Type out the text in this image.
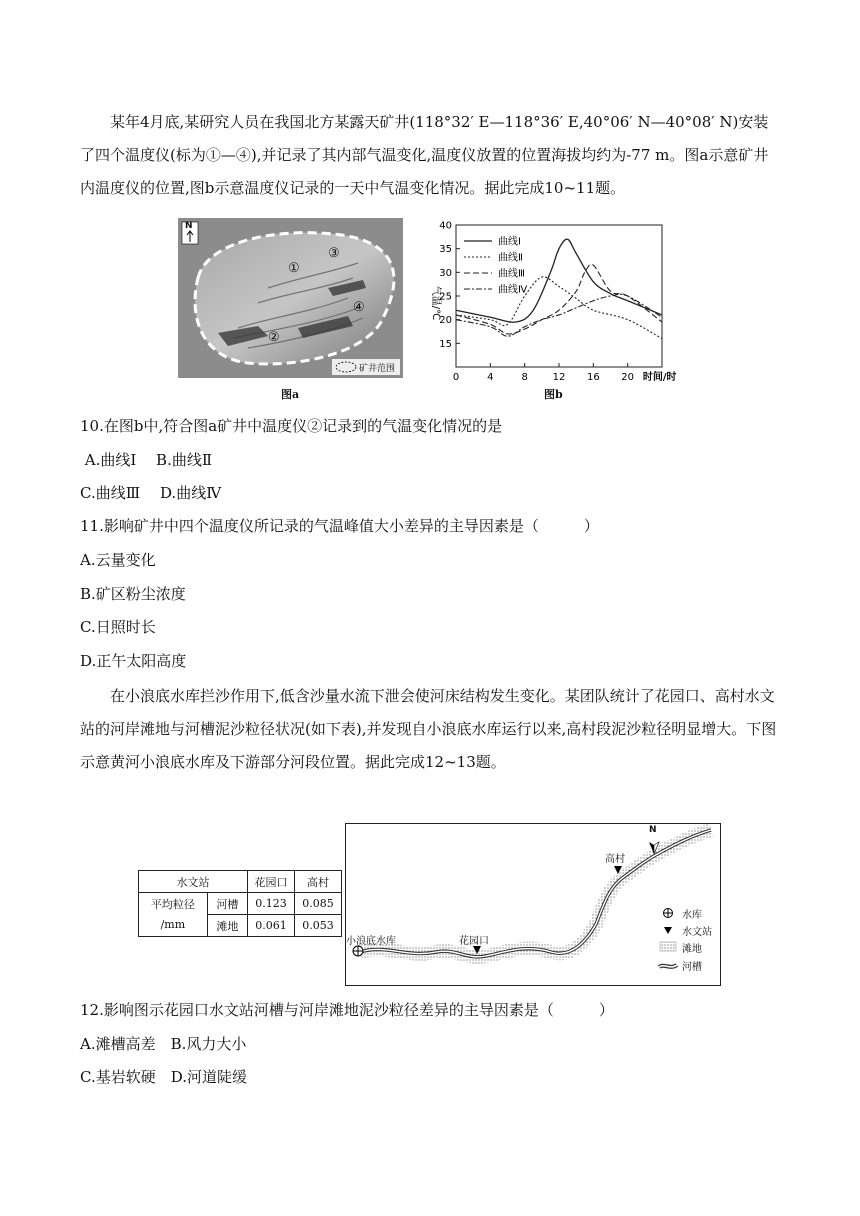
某年4月底,某研究人员在我国北方某露天矿井(118°32′ E—118°36′ E,40°06′ N—40°08′ N)安装了四个温度仪(标为①—④),并记录了其内部气温变化,温度仪放置的位置海拔均约为-77 m。图a示意矿井内温度仪的位置,图b示意温度仪记录的一天中气温变化情况。据此完成10~11题。

N
①
②
③
④
矿井范围
图a
气温/℃
时间/时
0	4	8 12 16 20
15
20
25
30
35
40
曲线Ⅰ
曲线Ⅱ
曲线Ⅲ
曲线Ⅳ
图b
10.在图b中,符合图a矿井中温度仪②记录到的气温变化情况的是
A.曲线Ⅰ　 B.曲线Ⅱ
C.曲线Ⅲ　 D.曲线Ⅳ
11.影响矿井中四个温度仪所记录的气温峰值大小差异的主导因素是（　　　）
A.云量变化
B.矿区粉尘浓度
C.日照时长
D.正午太阳高度

在小浪底水库拦沙作用下,低含沙量水流下泄会使河床结构发生变化。某团队统计了花园口、高村水文站的河岸滩地与河槽泥沙粒径状况(如下表),并发现自小浪底水库运行以来,高村段泥沙粒径明显增大。下图示意黄河小浪底水库及下游部分河段位置。据此完成12~13题。

水文站		花园口	高村

平均粒径
/mm	河槽	0.123	0.085
	滩地	0.061	0.053
N
小浪底水库	花园口
高村
水库
水文站
滩地
河槽
12.影响图示花园口水文站河槽与河岸滩地泥沙粒径差异的主导因素是（　　　）
A.滩槽高差　B.风力大小
C.基岩软硬　D.河道陡缓
